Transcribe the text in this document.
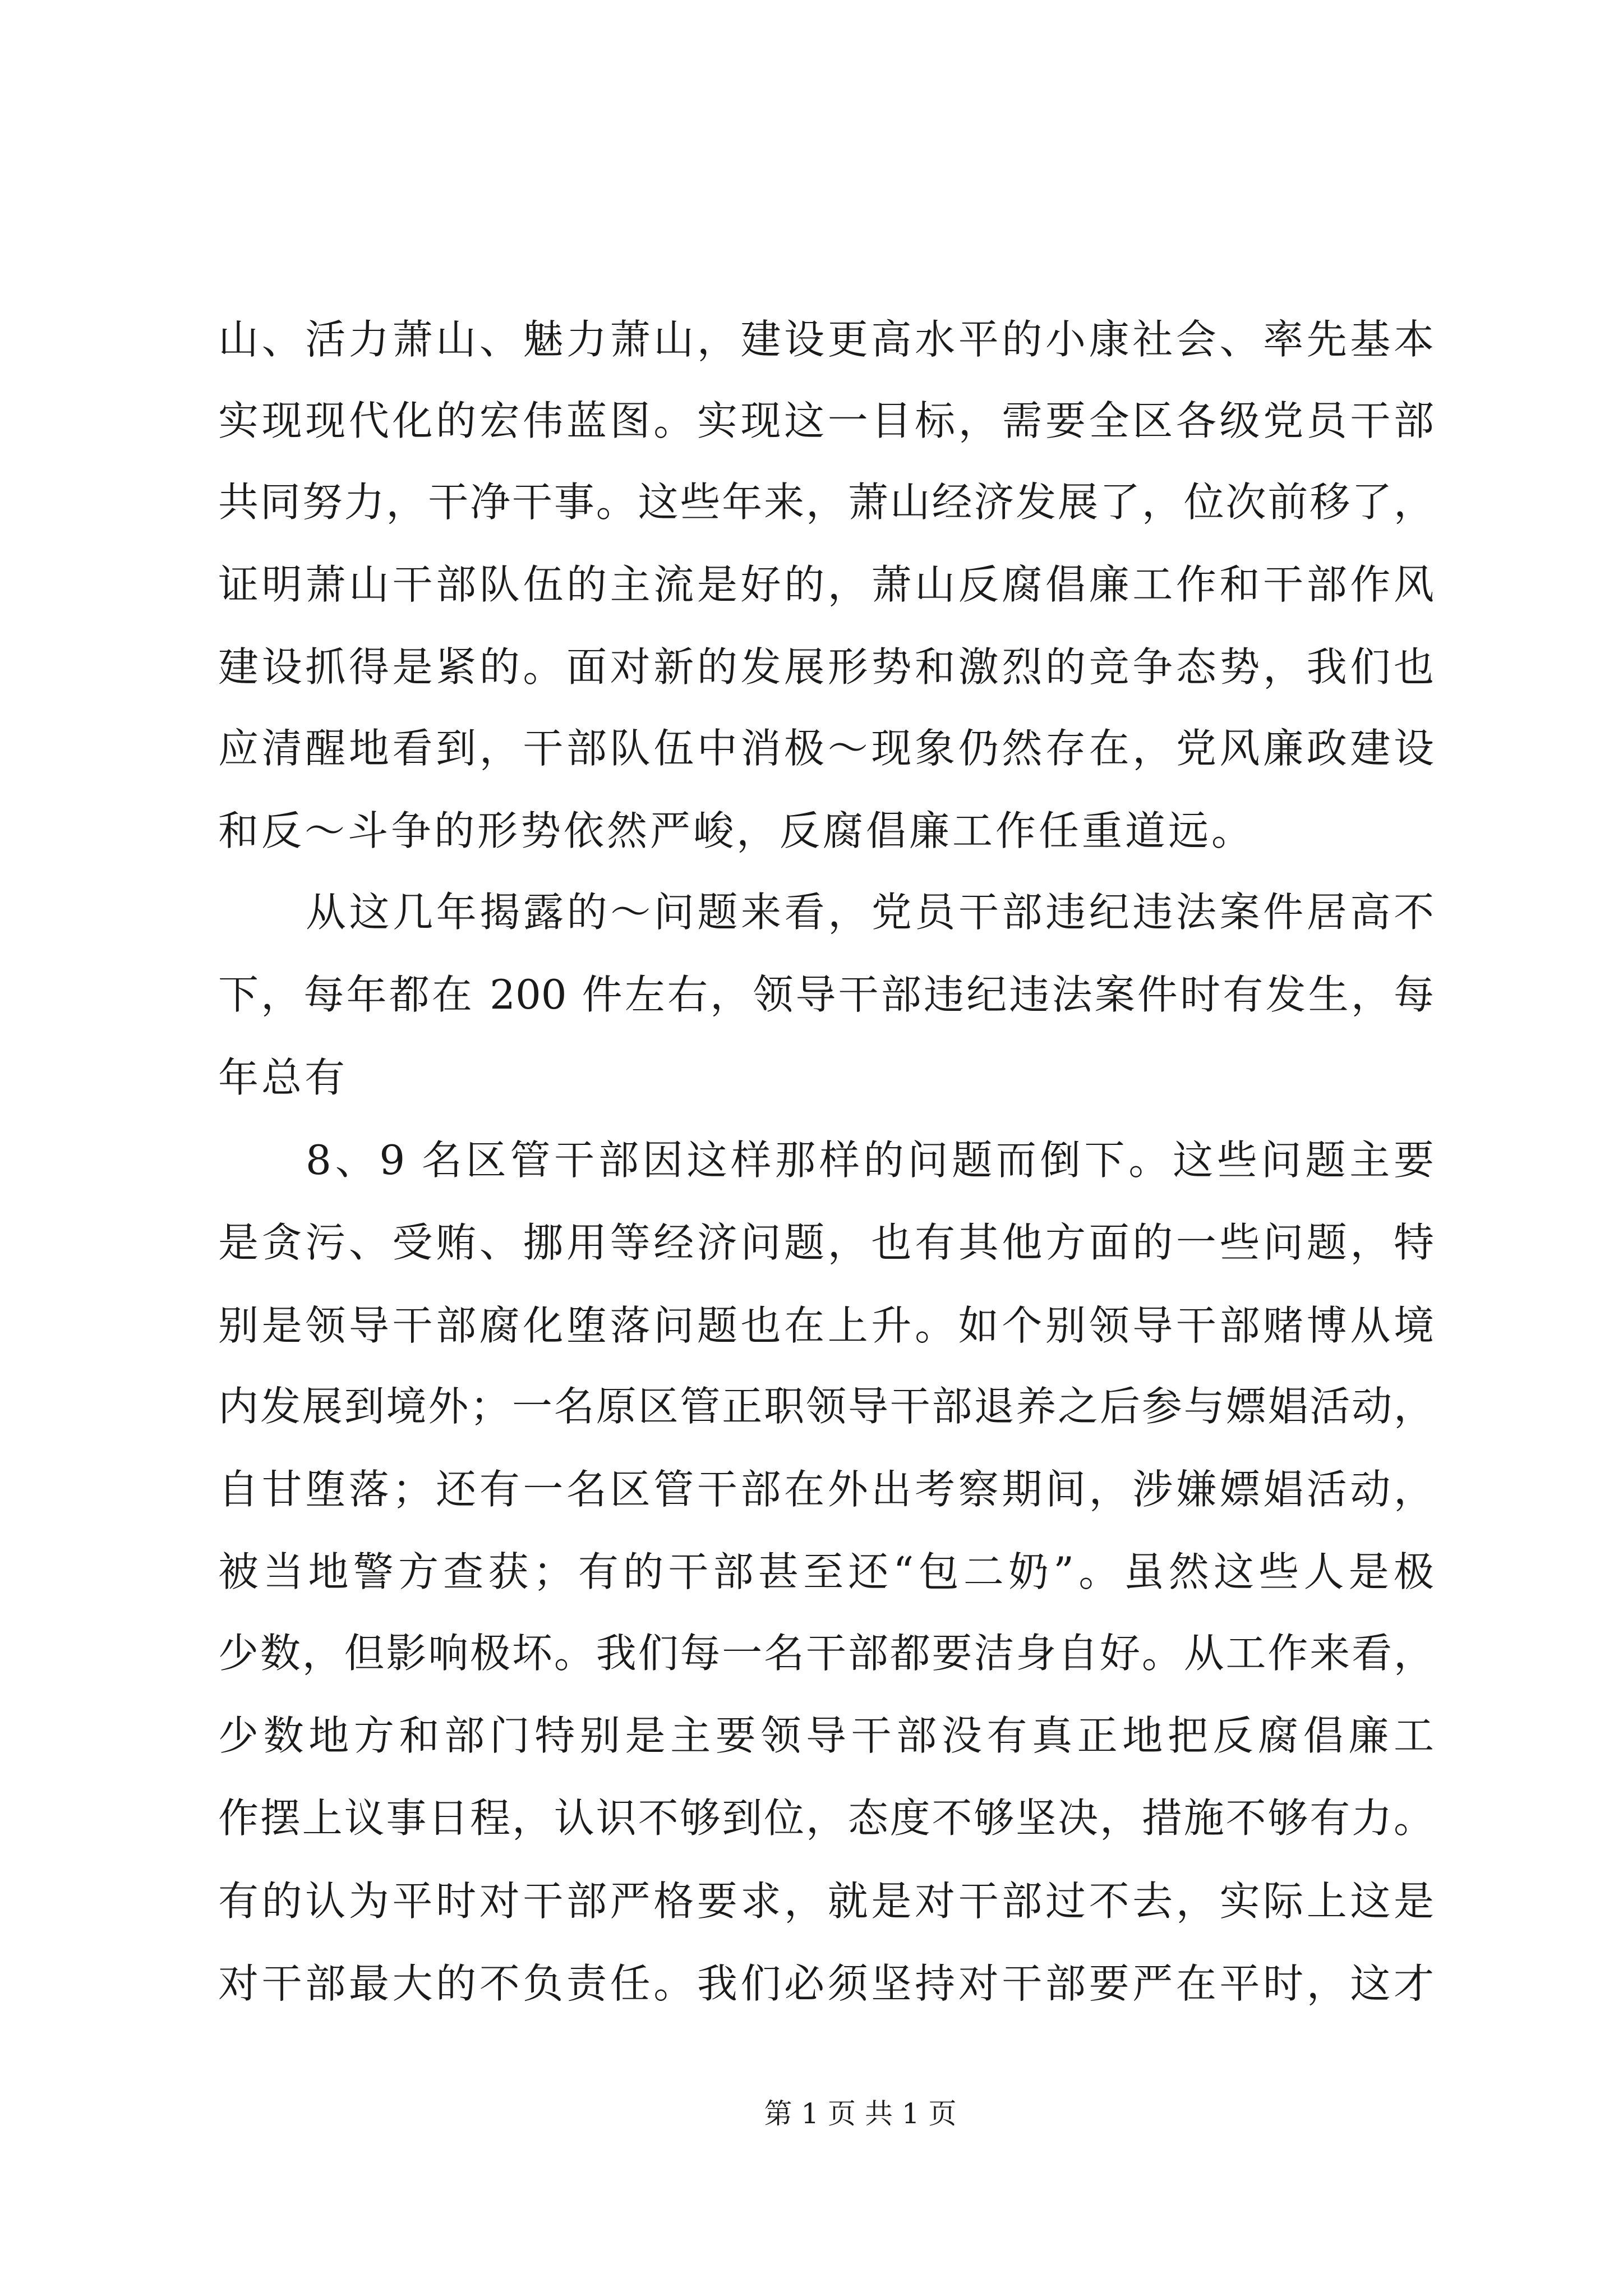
山、活力萧山、魅力萧山，建设更高水平的小康社会、率先基本
实现现代化的宏伟蓝图。实现这一目标，需要全区各级党员干部
共同努力，干净干事。这些年来，萧山经济发展了，位次前移了，
证明萧山干部队伍的主流是好的，萧山反腐倡廉工作和干部作风
建设抓得是紧的。面对新的发展形势和激烈的竞争态势，我们也
应清醒地看到，干部队伍中消极～现象仍然存在，党风廉政建设
和反～斗争的形势依然严峻，反腐倡廉工作任重道远。
从这几年揭露的～问题来看，党员干部违纪违法案件居高不
下，每年都在 200 件左右，领导干部违纪违法案件时有发生，每
年总有
8、9 名区管干部因这样那样的问题而倒下。这些问题主要
是贪污、受贿、挪用等经济问题，也有其他方面的一些问题，特
别是领导干部腐化堕落问题也在上升。如个别领导干部赌博从境
内发展到境外；一名原区管正职领导干部退养之后参与嫖娼活动，
自甘堕落；还有一名区管干部在外出考察期间，涉嫌嫖娼活动，
被当地警方查获；有的干部甚至还“包二奶”。虽然这些人是极
少数，但影响极坏。我们每一名干部都要洁身自好。从工作来看，
少数地方和部门特别是主要领导干部没有真正地把反腐倡廉工
作摆上议事日程，认识不够到位，态度不够坚决，措施不够有力。
有的认为平时对干部严格要求，就是对干部过不去，实际上这是
对干部最大的不负责任。我们必须坚持对干部要严在平时，这才
第 1 页 共 1 页
